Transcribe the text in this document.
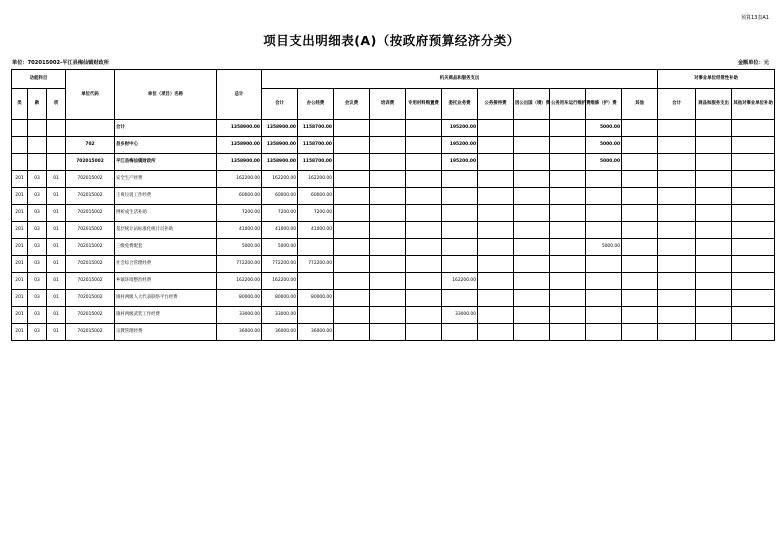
预算13表A1
项目支出明细表(A)（按政府预算经济分类）
单位：702015002-平江县梅仙镇财政所	金额单位：元
功能科目			单位代码	单位（项目）名称	总计	机关商品和服务支出											对事业单位经常性补助		
类	款	项				合计	办公经费	会议费	培训费	专用材料购置费	委托业务费	公务接待费	因公出国（境）费	公务用车运行维护费	维修（护）费	其他	合计	商品和服务支出	其他对事业单位补助
				合计	1358900.00	1358900.00	1158700.00				195200.00				5000.00				
			702	县乡财中心	1358900.00	1358900.00	1158700.00				195200.00				5000.00				
			702015002	平江县梅仙镇财政所	1358900.00	1358900.00	1158700.00				195200.00				5000.00				
201	03	01	702015002	安全生产经费	162200.00	162200.00	162200.00												
201	03	01	702015002	王爽垃圾工作经费	60000.00	60000.00	60000.00												
201	03	01	702015002	例析成生活补助	7200.00	7200.00	7200.00												
201	03	01	702015002	基层统计站标准化统计员补助	41000.00	41000.00	41000.00												
201	03	01	702015002	三级免费配套	5000.00	5000.00									5000.00				
201	03	01	702015002	社会综合管理经费	772200.00	772200.00	772200.00												
201	03	01	702015002	乡镇环境整治经费	162200.00	162200.00					162200.00								
201	03	01	702015002	镇村两级人大代表联络平台经费	80000.00	80000.00	80000.00												
201	03	01	702015002	镇村两级武装工作经费	33000.00	33000.00					33000.00								
201	03	01	702015002	宗教管理经费	36000.00	36000.00	36000.00												
